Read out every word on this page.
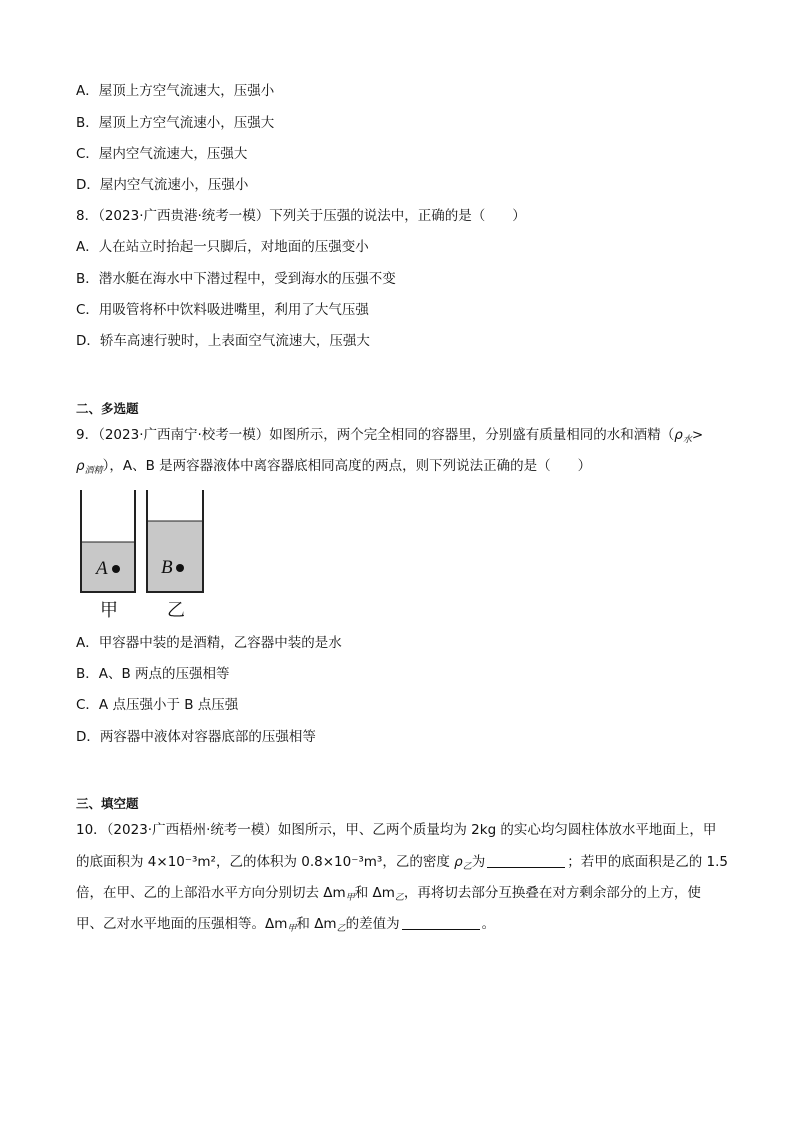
A．屋顶上方空气流速大，压强小
B．屋顶上方空气流速小，压强大
C．屋内空气流速大，压强大
D．屋内空气流速小，压强小
8．（2023·广西贵港·统考一模）下列关于压强的说法中，正确的是（　　）
A．人在站立时抬起一只脚后，对地面的压强变小
B．潜水艇在海水中下潜过程中，受到海水的压强不变
C．用吸管将杯中饮料吸进嘴里，利用了大气压强
D．轿车高速行驶时，上表面空气流速大，压强大
二、多选题
9．（2023·广西南宁·校考一模）如图所示，两个完全相同的容器里，分别盛有质量相同的水和酒精（$\rho_水>$
$\rho_{酒精}$），A、B 是两容器液体中离容器底相同高度的两点，则下列说法正确的是（　　）
A	B
甲	乙
A．甲容器中装的是酒精，乙容器中装的是水
B．A、B 两点的压强相等
C．A 点压强小于 B 点压强
D．两容器中液体对容器底部的压强相等
三、填空题
10．（2023·广西梧州·统考一模）如图所示，甲、乙两个质量均为 2kg 的实心均匀圆柱体放水平地面上，甲
的底面积为 4×10⁻³m²，乙的体积为 0.8×10⁻³m³，乙的密度 $\rho_乙$为	；若甲的底面积是乙的 1.5
倍，在甲、乙的上部沿水平方向分别切去 $\Delta m_甲$和 $\Delta m_乙$，再将切去部分互换叠在对方剩余部分的上方，使
甲、乙对水平地面的压强相等。$\Delta m_甲$和 $\Delta m_乙$的差值为	。
